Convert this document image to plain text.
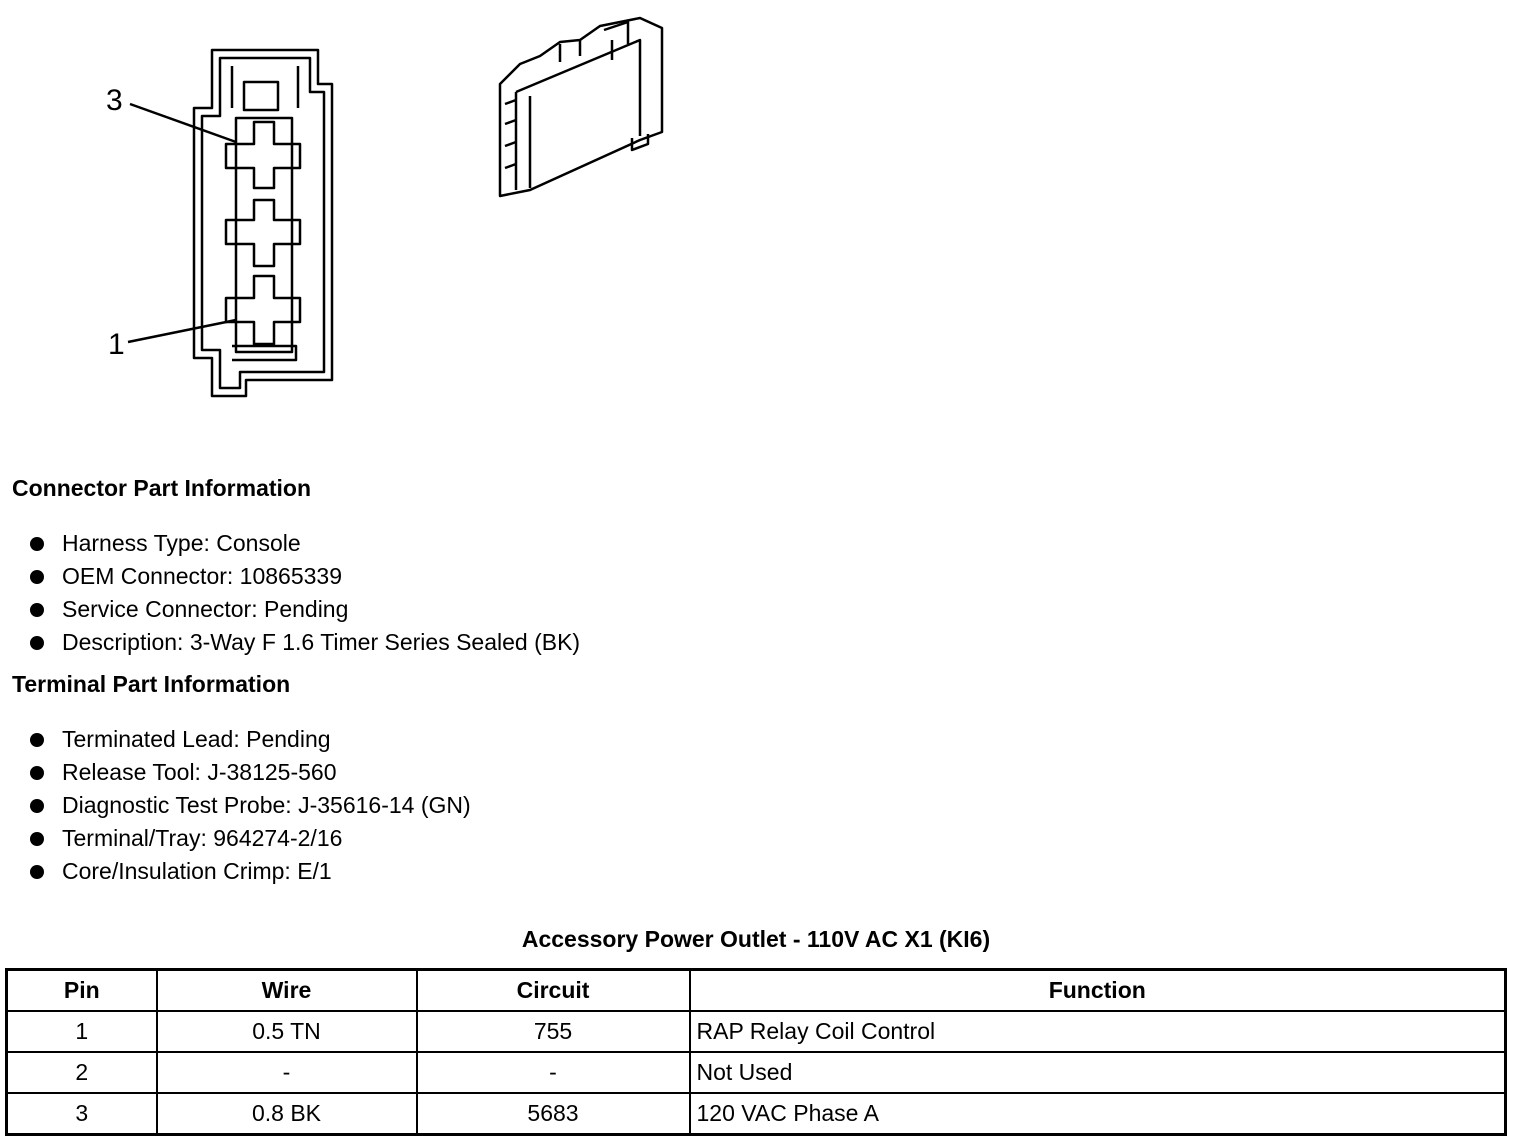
3
1
Connector Part Information
Harness Type: Console
OEM Connector: 10865339
Service Connector: Pending
Description: 3-Way F 1.6 Timer Series Sealed (BK)
Terminal Part Information
Terminated Lead: Pending
Release Tool: J-38125-560
Diagnostic Test Probe: J-35616-14 (GN)
Terminal/Tray: 964274-2/16
Core/Insulation Crimp: E/1
Accessory Power Outlet - 110V AC X1 (KI6)
Pin	Wire	Circuit	Function
1	0.5 TN	755	RAP Relay Coil Control
2	-	-	Not Used
3	0.8 BK	5683	120 VAC Phase A
